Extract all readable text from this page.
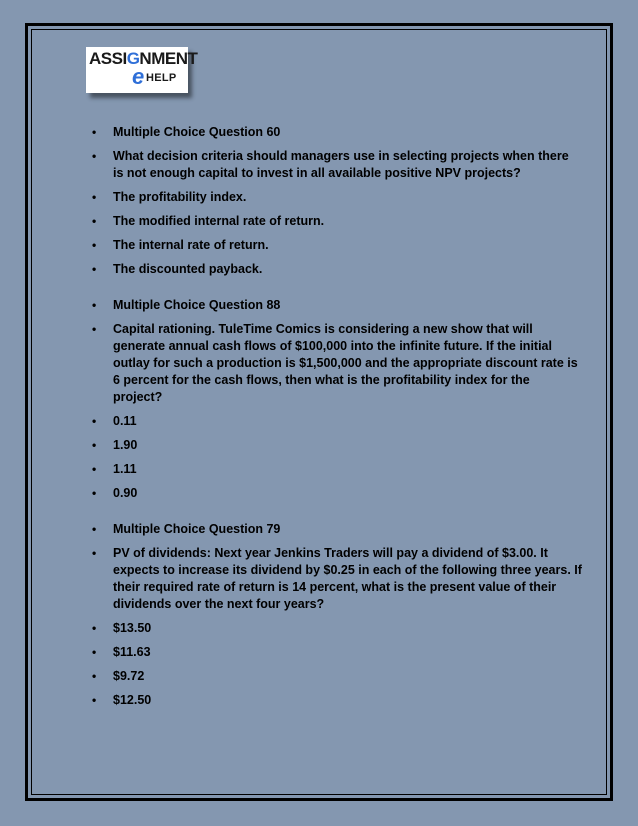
ASSIGNMENT
e HELP
• Multiple Choice Question 60
• What decision criteria should managers use in selecting projects when there is not enough capital to invest in all available positive NPV projects?
• The profitability index.
• The modified internal rate of return.
• The internal rate of return.
• The discounted payback.
• Multiple Choice Question 88
• Capital rationing. TuleTime Comics is considering a new show that will generate annual cash flows of $100,000 into the infinite future. If the initial outlay for such a production is $1,500,000 and the appropriate discount rate is 6 percent for the cash flows, then what is the profitability index for the project?
• 0.11
• 1.90
• 1.11
• 0.90
• Multiple Choice Question 79
• PV of dividends: Next year Jenkins Traders will pay a dividend of $3.00. It expects to increase its dividend by $0.25 in each of the following three years. If their required rate of return is 14 percent, what is the present value of their dividends over the next four years?
• $13.50
• $11.63
• $9.72
• $12.50
